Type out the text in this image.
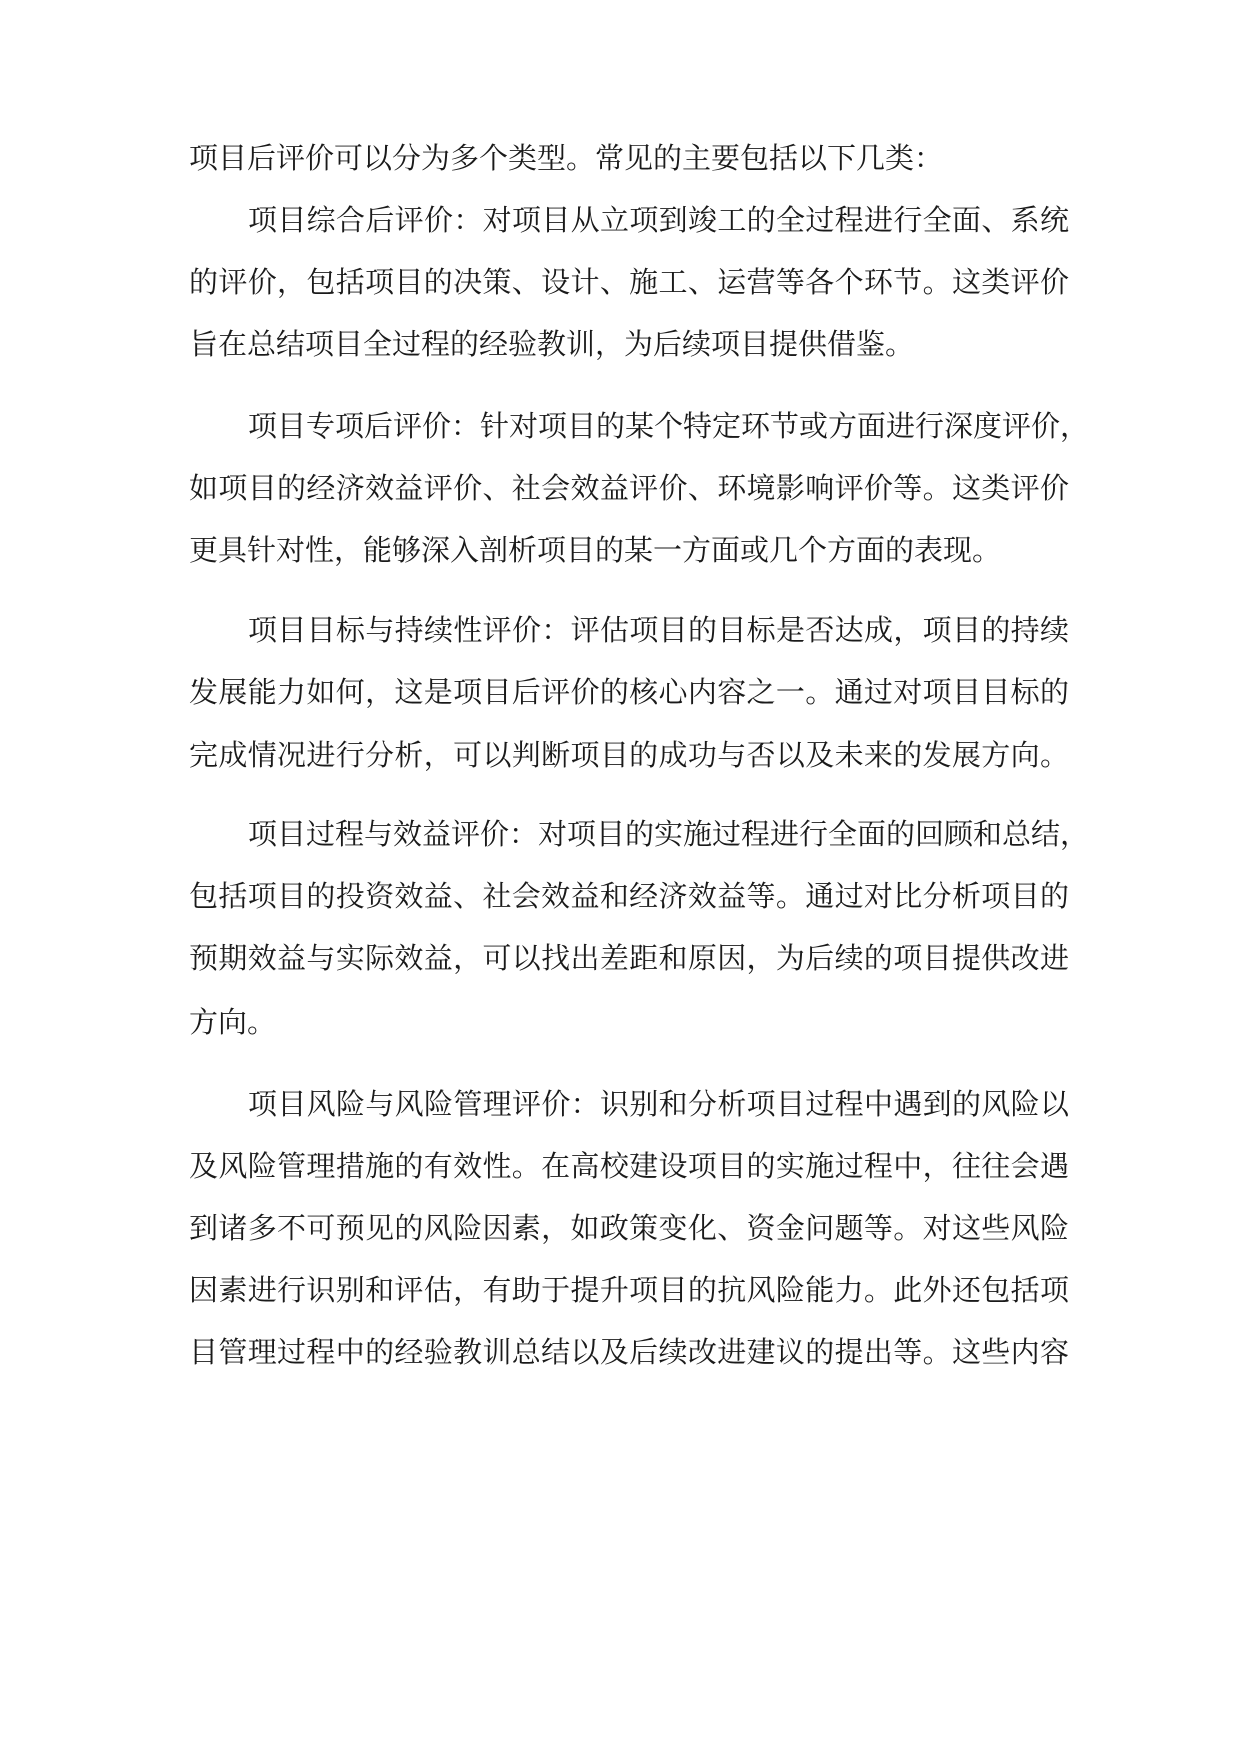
项目后评价可以分为多个类型。常见的主要包括以下几类：
项目综合后评价：对项目从立项到竣工的全过程进行全面、系统
的评价，包括项目的决策、设计、施工、运营等各个环节。这类评价
旨在总结项目全过程的经验教训，为后续项目提供借鉴。
项目专项后评价：针对项目的某个特定环节或方面进行深度评价，
如项目的经济效益评价、社会效益评价、环境影响评价等。这类评价
更具针对性，能够深入剖析项目的某一方面或几个方面的表现。
项目目标与持续性评价：评估项目的目标是否达成，项目的持续
发展能力如何，这是项目后评价的核心内容之一。通过对项目目标的
完成情况进行分析，可以判断项目的成功与否以及未来的发展方向。
项目过程与效益评价：对项目的实施过程进行全面的回顾和总结，
包括项目的投资效益、社会效益和经济效益等。通过对比分析项目的
预期效益与实际效益，可以找出差距和原因，为后续的项目提供改进
方向。
项目风险与风险管理评价：识别和分析项目过程中遇到的风险以
及风险管理措施的有效性。在高校建设项目的实施过程中，往往会遇
到诸多不可预见的风险因素，如政策变化、资金问题等。对这些风险
因素进行识别和评估，有助于提升项目的抗风险能力。此外还包括项
目管理过程中的经验教训总结以及后续改进建议的提出等。这些内容
